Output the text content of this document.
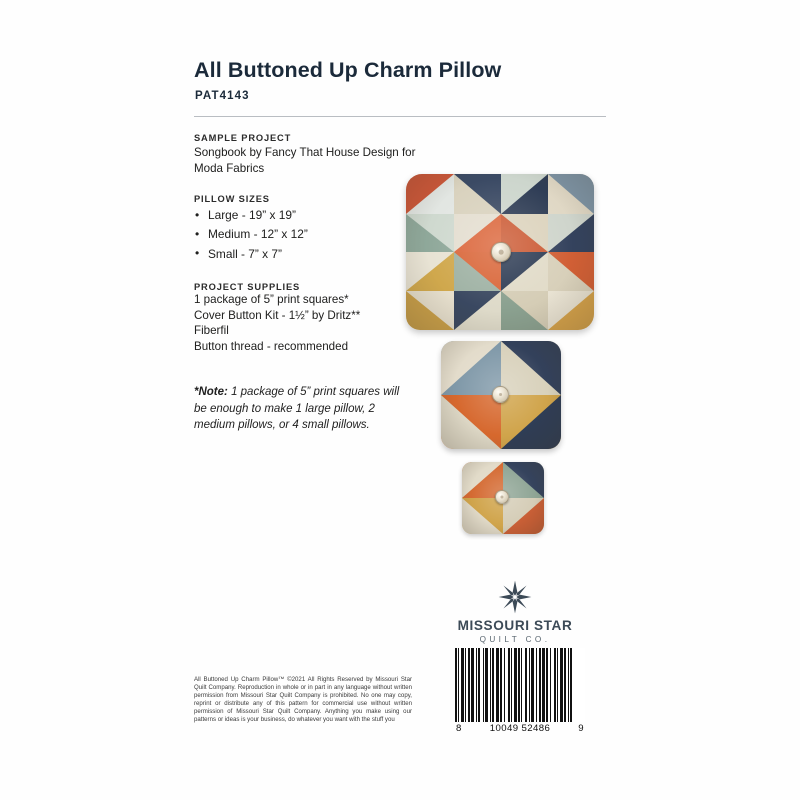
All Buttoned Up Charm Pillow
PAT4143

SAMPLE PROJECT

Songbook by Fancy That House Design for Moda Fabrics

PILLOW SIZES

• Large - 19” x 19”
• Medium - 12” x 12”
• Small - 7” x 7”

PROJECT SUPPLIES

1 package of 5” print squares*

Cover Button Kit - 1½” by Dritz**

Fiberfil

Button thread - recommended

*Note: 1 package of 5” print squares will be enough to make 1 large pillow, 2 medium pillows, or 4 small pillows.
MISSOURI STAR
QUILT CO.
All Buttoned Up Charm Pillow™ ©2021 All Rights Reserved by Missouri Star Quilt Company. Reproduction in whole or in part in any language without written permission from Missouri Star Quilt Company is prohibited. No one may copy, reprint or distribute any of this pattern for commercial use without written permission of Missouri Star Quilt Company. Anything you make using our patterns or ideas is your business, do whatever you want with the stuff you
8	10049 52486	9
